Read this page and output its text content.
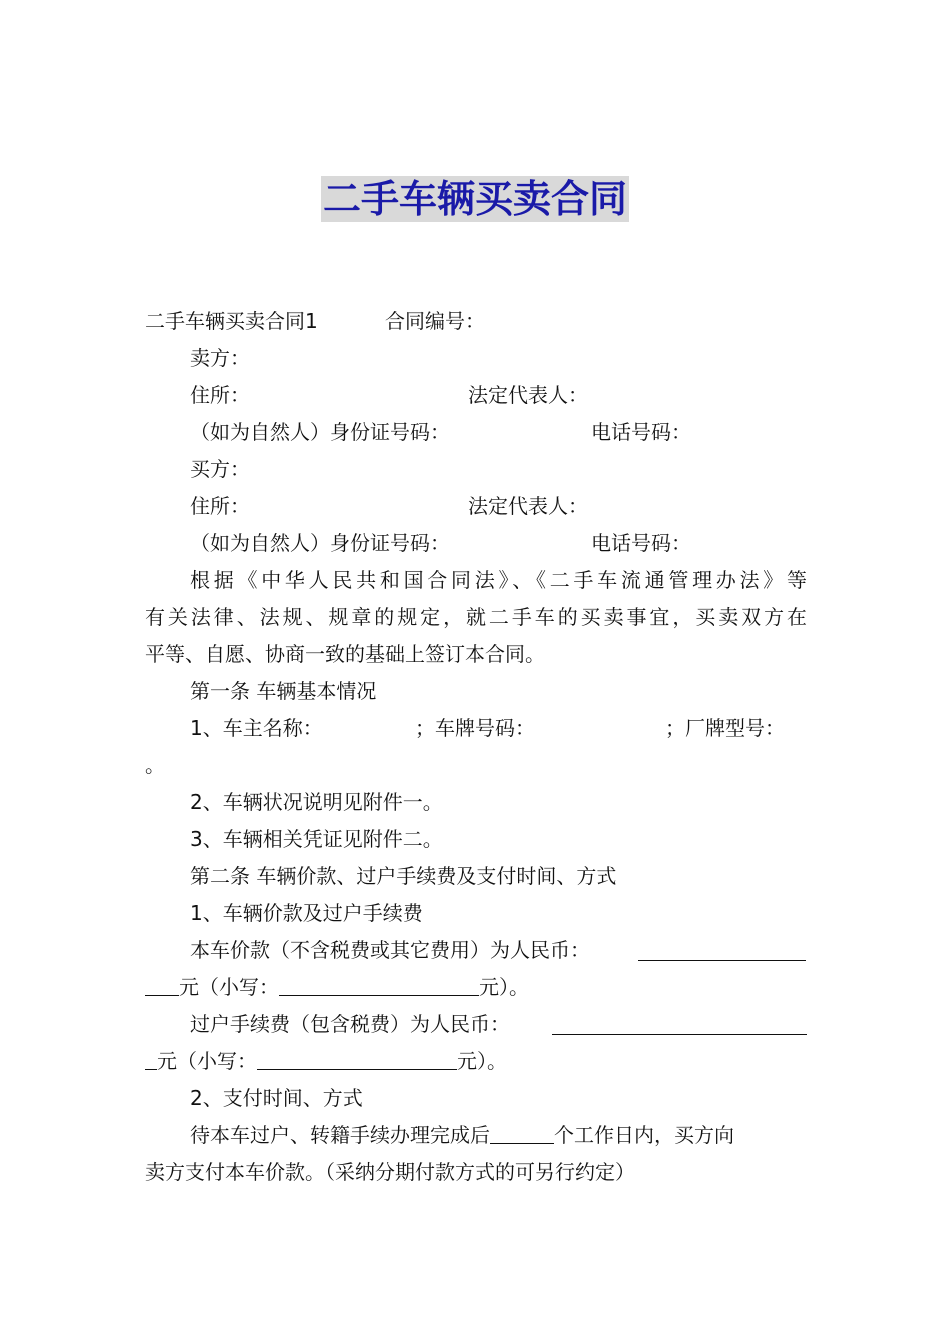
二手车辆买卖合同
二手车辆买卖合同1	合同编号：
卖方：
住所：	法定代表人：
（如为自然人）身份证号码：	电话号码：
买方：
住所：	法定代表人：
（如为自然人）身份证号码：	电话号码：
根据《中华人民共和国合同法》、《二手车流通管理办法》等
有关法律、法规、规章的规定，就二手车的买卖事宜，买卖双方在
平等、自愿、协商一致的基础上签订本合同。
第一条 车辆基本情况
1、车主名称：	；车牌号码：	；厂牌型号：
。
2、车辆状况说明见附件一。
3、车辆相关凭证见附件二。
第二条 车辆价款、过户手续费及支付时间、方式
1、车辆价款及过户手续费
本车价款（不含税费或其它费用）为人民币：
元（小写：	元）。
过户手续费（包含税费）为人民币：
元（小写：	元）。
2、支付时间、方式
待本车过户、转籍手续办理完成后	个工作日内，买方向
卖方支付本车价款。（采纳分期付款方式的可另行约定）
